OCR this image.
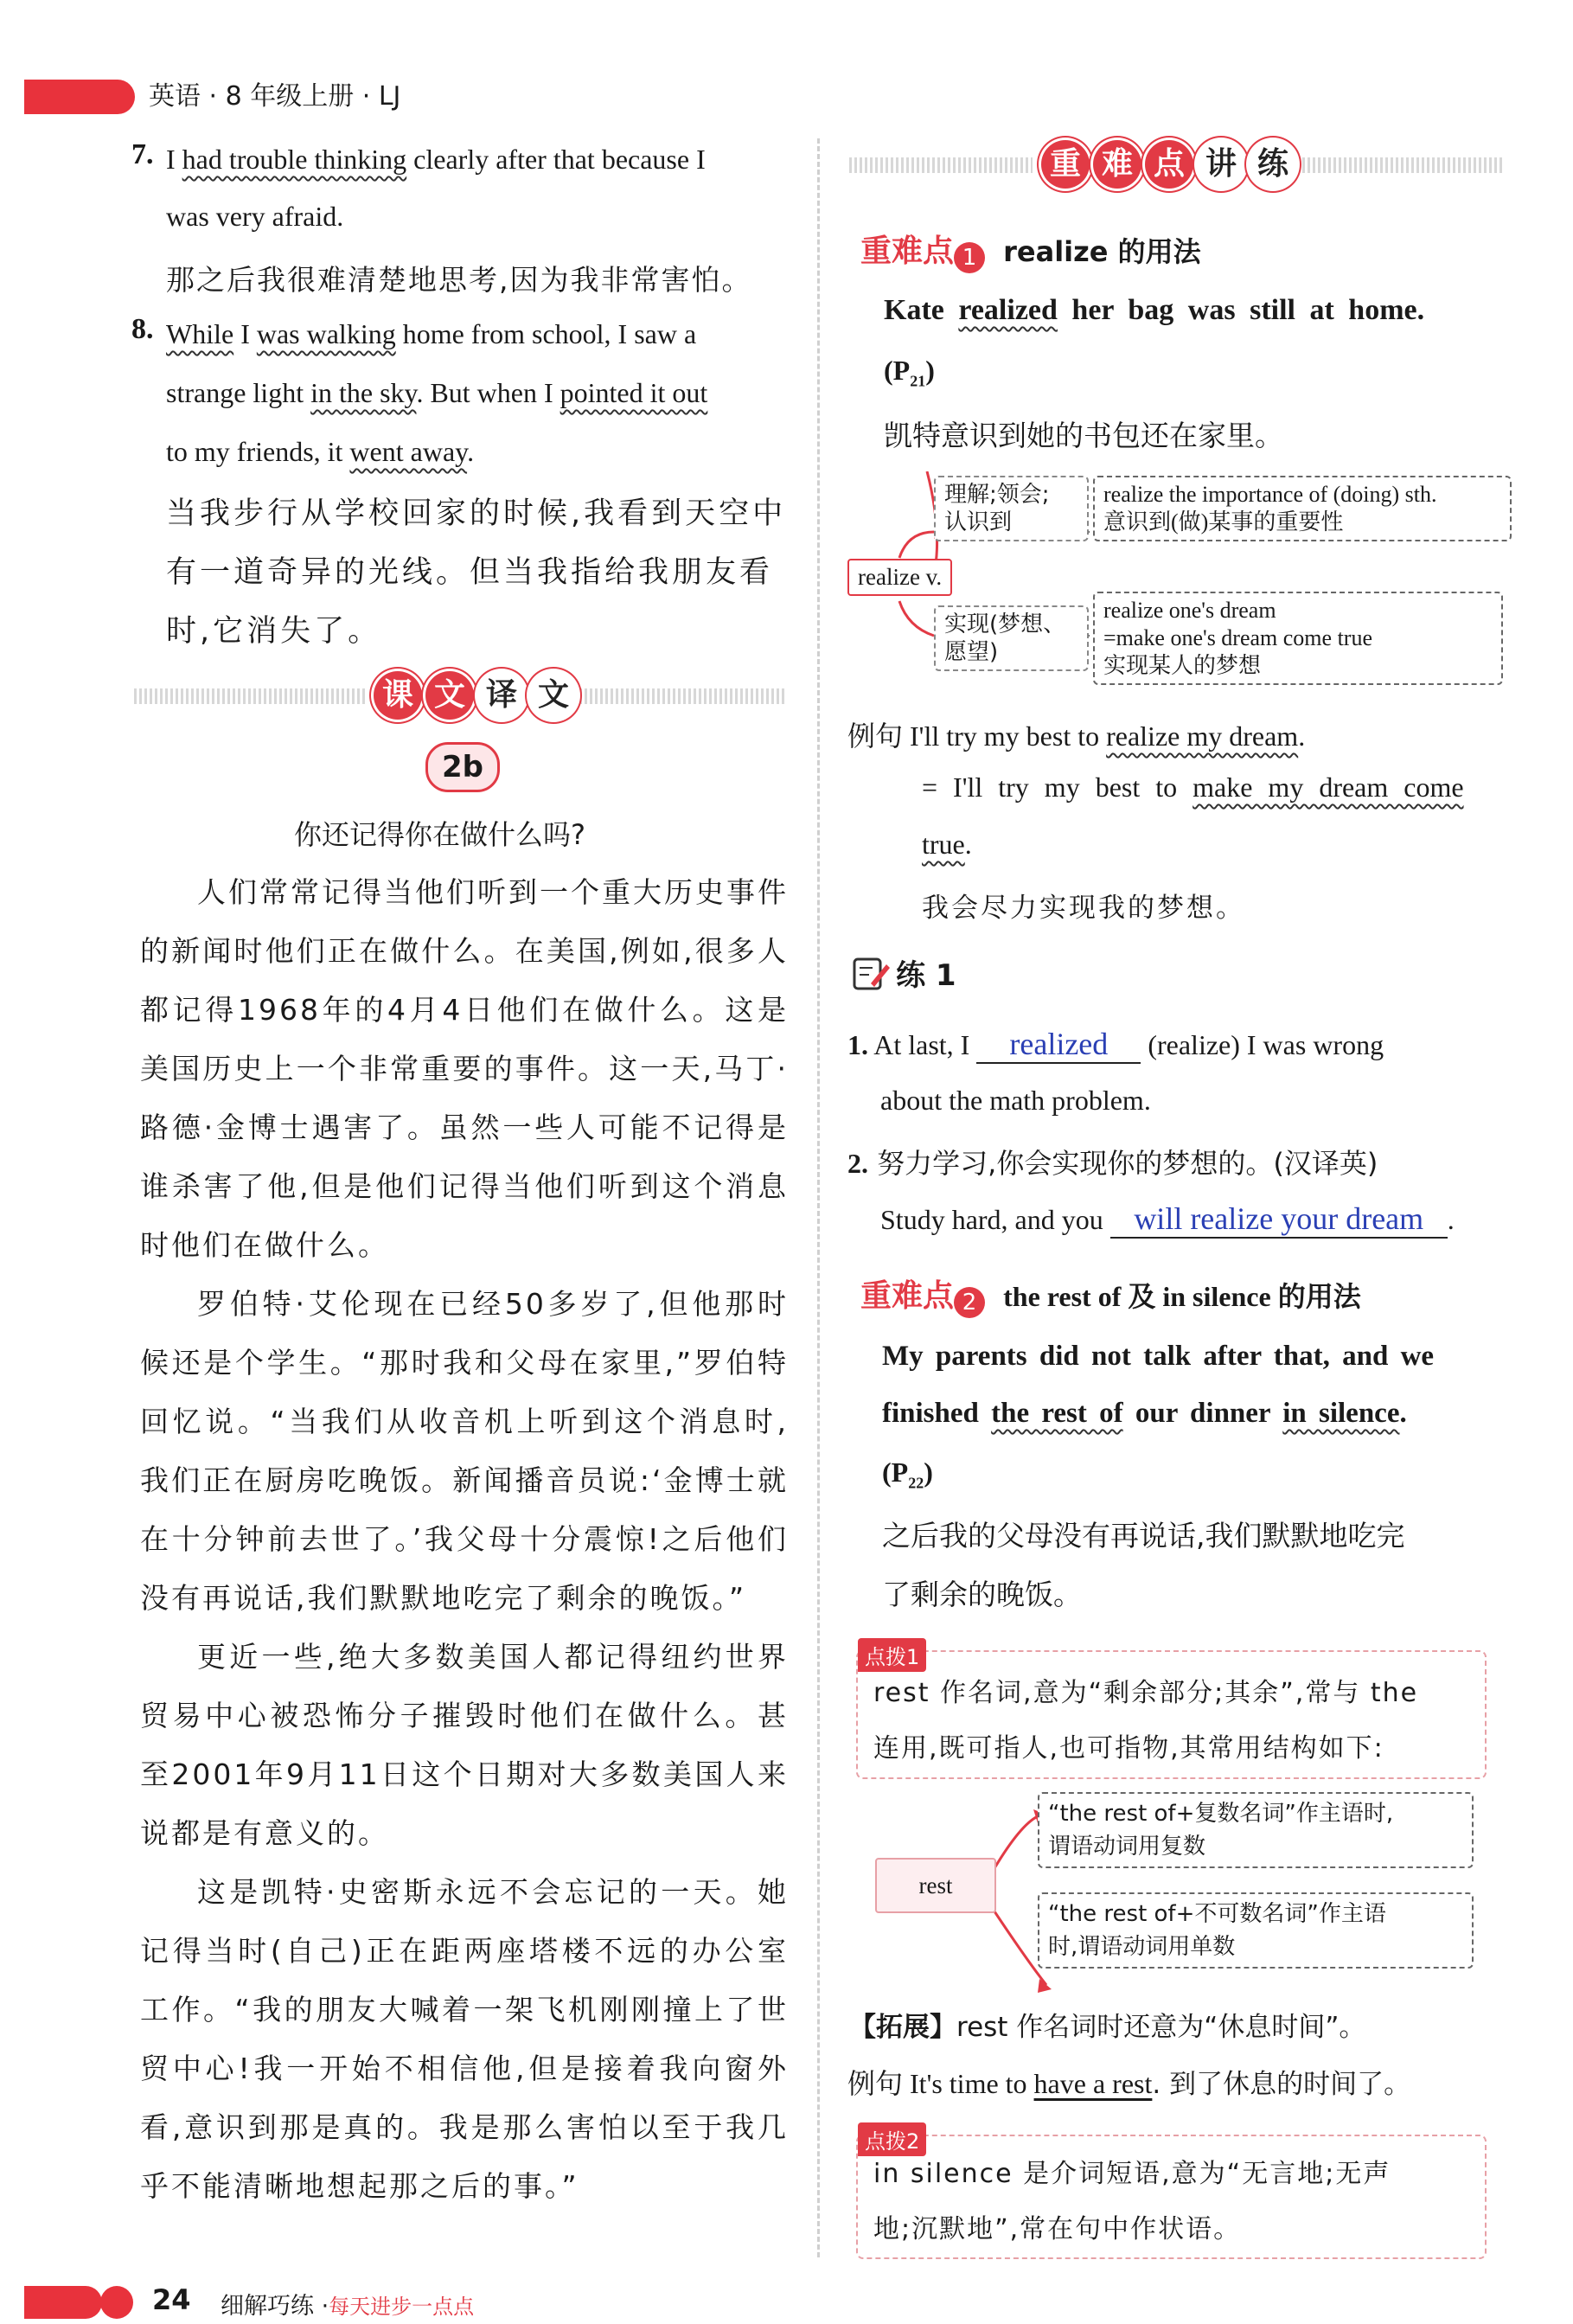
英语 · 8 年级上册 · LJ
7. I had trouble thinking clearly after that because I
was very afraid.
那之后我很难清楚地思考,因为我非常害怕。
8. While I was walking home from school, I saw a
strange light in the sky. But when I pointed it out
to my friends, it went away.
当我步行从学校回家的时候,我看到天空中
有一道奇异的光线。但当我指给我朋友看
时,它消失了。
课 文 译 文
2b
你还记得你在做什么吗?

人们常常记得当他们听到一个重大历史事件的新闻时他们正在做什么。在美国,例如,很多人都记得1968年的4月4日他们在做什么。这是美国历史上一个非常重要的事件。这一天,马丁·路德·金博士遇害了。虽然一些人可能不记得是谁杀害了他,但是他们记得当他们听到这个消息时他们在做什么。

罗伯特·艾伦现在已经50多岁了,但他那时候还是个学生。“那时我和父母在家里,”罗伯特回忆说。“当我们从收音机上听到这个消息时,我们正在厨房吃晚饭。新闻播音员说:‘金博士就在十分钟前去世了。’我父母十分震惊!之后他们没有再说话,我们默默地吃完了剩余的晚饭。”

更近一些,绝大多数美国人都记得纽约世界贸易中心被恐怖分子摧毁时他们在做什么。甚至2001年9月11日这个日期对大多数美国人来说都是有意义的。

这是凯特·史密斯永远不会忘记的一天。她记得当时(自己)正在距两座塔楼不远的办公室工作。“我的朋友大喊着一架飞机刚刚撞上了世贸中心!我一开始不相信他,但是接着我向窗外看,意识到那是真的。我是那么害怕以至于我几乎不能清晰地想起那之后的事。”

重 难 点 讲 练
重难点 1 realize 的用法
Kate realized her bag was still at home.
$(P_{21})$
凯特意识到她的书包还在家里。
realize v.
理解;领会;
认识到
realize the importance of (doing) sth.
意识到(做)某事的重要性
实现(梦想、
愿望)
realize one's dream
=make one's dream come true
实现某人的梦想
例句 I'll try my best to realize my dream.
= I'll try my best to make my dream come
true.
我会尽力实现我的梦想。
练 1
1. At last, I realized (realize) I was wrong
about the math problem.
2. 努力学习,你会实现你的梦想的。(汉译英)
Study hard, and you will realize your dream .
重难点 2 the rest of 及 in silence 的用法
My parents did not talk after that, and we
finished the rest of our dinner in silence.
$(P_{22})$
之后我的父母没有再说话,我们默默地吃完
了剩余的晚饭。
点拨1
rest 作名词,意为“剩余部分;其余”,常与 the
连用,既可指人,也可指物,其常用结构如下:
rest
“the rest of+复数名词”作主语时,
谓语动词用复数
“the rest of+不可数名词”作主语
时,谓语动词用单数
【拓展】rest 作名词时还意为“休息时间”。
例句 It's time to have a rest. 到了休息的时间了。
点拨2
in silence 是介词短语,意为“无言地;无声
地;沉默地”,常在句中作状语。
24 细解巧练 ·每天进步一点点
